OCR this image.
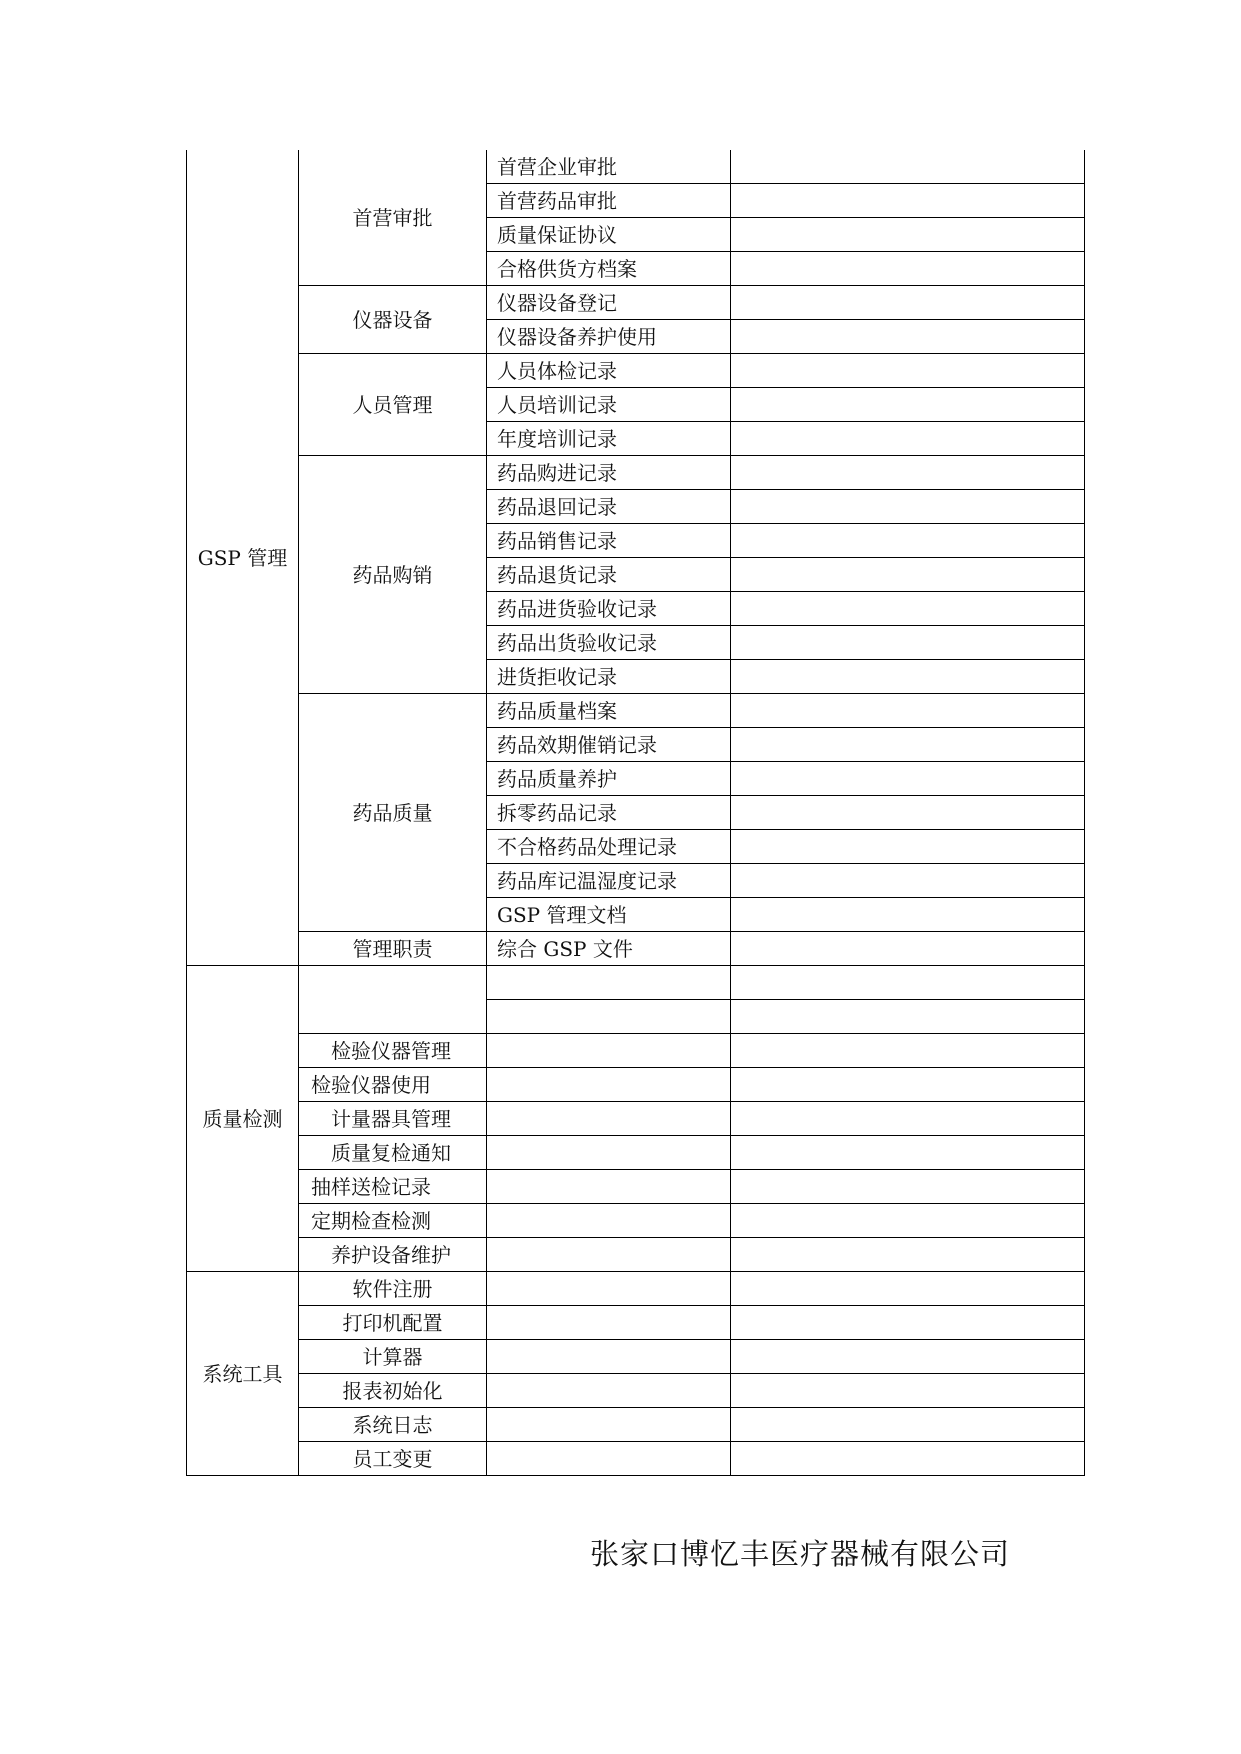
GSP 管理	首营审批	首营企业审批	
		首营药品审批	
		质量保证协议	
		合格供货方档案	
	仪器设备	仪器设备登记	
		仪器设备养护使用	
	人员管理	人员体检记录	
		人员培训记录	
		年度培训记录	
	药品购销	药品购进记录	
		药品退回记录	
		药品销售记录	
		药品退货记录	
		药品进货验收记录	
		药品出货验收记录	
		进货拒收记录	
	药品质量	药品质量档案	
		药品效期催销记录	
		药品质量养护	
		拆零药品记录	
		不合格药品处理记录	
		药品库记温湿度记录	
		GSP 管理文档	
	管理职责	综合 GSP 文件	
质量检测			

	检验仪器管理		
	检验仪器使用		
	计量器具管理		
	质量复检通知		
	抽样送检记录		
	定期检查检测		
	养护设备维护		
系统工具	软件注册		
	打印机配置		
	计算器		
	报表初始化		
	系统日志		
	员工变更		
张家口博忆丰医疗器械有限公司
